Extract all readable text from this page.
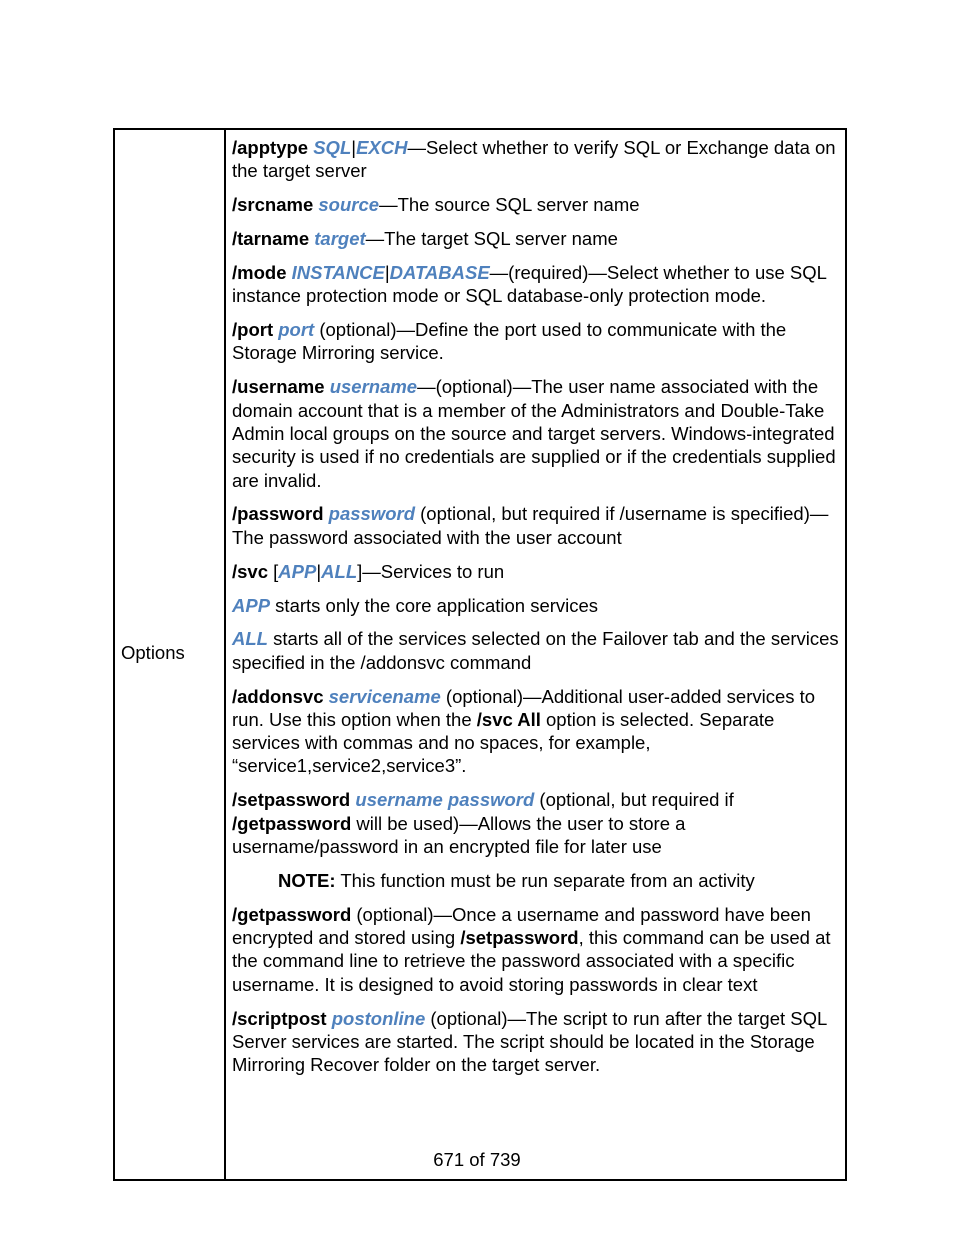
Options

/apptype SQL|EXCH—Select whether to verify SQL or Exchange data on the target server

/srcname source—The source SQL server name

/tarname target—The target SQL server name

/mode INSTANCE|DATABASE—(required)—Select whether to use SQL instance protection mode or SQL database-only protection mode.

/port port (optional)—Define the port used to communicate with the Storage Mirroring service.

/username username—(optional)—The user name associated with the domain account that is a member of the Administrators and Double-Take Admin local groups on the source and target servers. Windows-integrated security is used if no credentials are supplied or if the credentials supplied are invalid.

/password password (optional, but required if /username is specified)—The password associated with the user account

/svc [APP|ALL]—Services to run

APP starts only the core application services

ALL starts all of the services selected on the Failover tab and the services specified in the /addonsvc command

/addonsvc servicename (optional)—Additional user-added services to run. Use this option when the /svc All option is selected. Separate services with commas and no spaces, for example, “service1,service2,service3”.

/setpassword username password (optional, but required if /getpassword will be used)—Allows the user to store a username/password in an encrypted file for later use

NOTE: This function must be run separate from an activity

/getpassword (optional)—Once a username and password have been encrypted and stored using /setpassword, this command can be used at the command line to retrieve the password associated with a specific username. It is designed to avoid storing passwords in clear text

/scriptpost postonline (optional)—The script to run after the target SQL Server services are started. The script should be located in the Storage Mirroring Recover folder on the target server.

671 of 739
